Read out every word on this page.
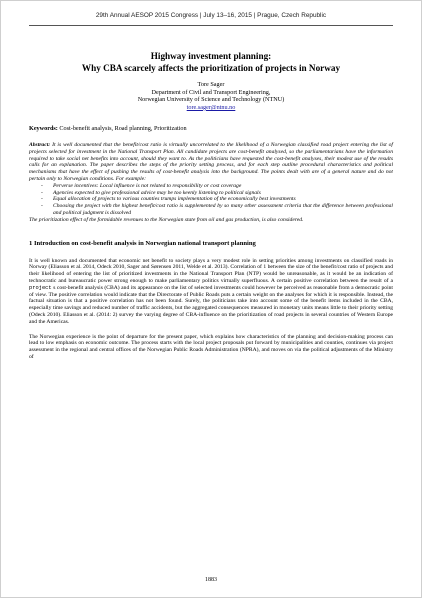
29th Annual AESOP 2015 Congress | July 13–16, 2015 | Prague, Czech Republic
Highway investment planning:
Why CBA scarcely affects the prioritization of projects in Norway
Tore Sager
Department of Civil and Transport Engineering,
Norwegian University of Science and Technology (NTNU)
tore.sager@ntnu.no
Keywords: Cost-benefit analysis, Road planning, Prioritization
Abstract: It is well documented that the benefit/cost ratio is virtually uncorrelated to the likelihood of a Norwegian classified road project entering the list of projects selected for investment in the National Transport Plan. All candidate projects are cost-benefit analysed, so the parliamentarians have the information required to take social net benefits into account, should they want to. As the politicians have requested the cost-benefit analyses, their modest use of the results calls for an explanation. The paper describes the steps of the priority setting process, and for each step outline procedural characteristics and political mechanisms that have the effect of pushing the results of cost-benefit analysis into the background. The points dealt with are of a general nature and do not pertain only to Norwegian conditions. For example:
- Perverse incentives: Local influence is not related to responsibility or cost coverage
- Agencies expected to give professional advice may be too keenly listening to political signals
- Equal allocation of projects to various counties trumps implementation of the economically best investments
- Choosing the project with the highest benefit/cost ratio is supplemented by so many other assessment criteria that the difference between professional and political judgment is dissolved
The prioritization effect of the formidable revenues to the Norwegian state from oil and gas production, is also considered.
1 Introduction on cost-benefit analysis in Norwegian national transport planning

It is well known and documented that economic net benefit to society plays a very modest role in setting priorities among investments on classified roads in Norway (Eliasson et al. 2014, Odeck 2010, Sager and Sørensen 2011, Welde et al. 2013). Correlation of 1 between the size of the benefit/cost ratio of projects and their likelihood of entering the list of prioritized investments in the National Transport Plan (NTP) would be unreasonable, as it would be an indication of technocratic and bureaucratic power strong enough to make parliamentary politics virtually superfluous. A certain positive correlation between the result of a project s cost-benefit analysis (CBA) and its appearance on the list of selected investments could however be perceived as reasonable from a democratic point of view. The positive correlation would indicate that the Directorate of Public Roads puts a certain weight on the analyses for which it is responsible. Instead, the factual situation is that a positive correlation has not been found. Surely, the politicians take into account some of the benefit items included in the CBA, especially time savings and reduced number of traffic accidents, but the aggregated consequences measured in monetary units means little to their priority setting (Odeck 2010). Eliasson et al. (2014: 2) survey the varying degree of CBA-influence on the prioritization of road projects in several countries of Western Europe and the Americas.

The Norwegian experience is the point of departure for the present paper, which explains how characteristics of the planning and decision-making process can lead to low emphasis on economic outcome. The process starts with the local project proposals put forward by municipalities and counties, continues via project assessment in the regional and central offices of the Norwegian Public Roads Administration (NPRA), and moves on via the political adjustments of the Ministry of

1883
